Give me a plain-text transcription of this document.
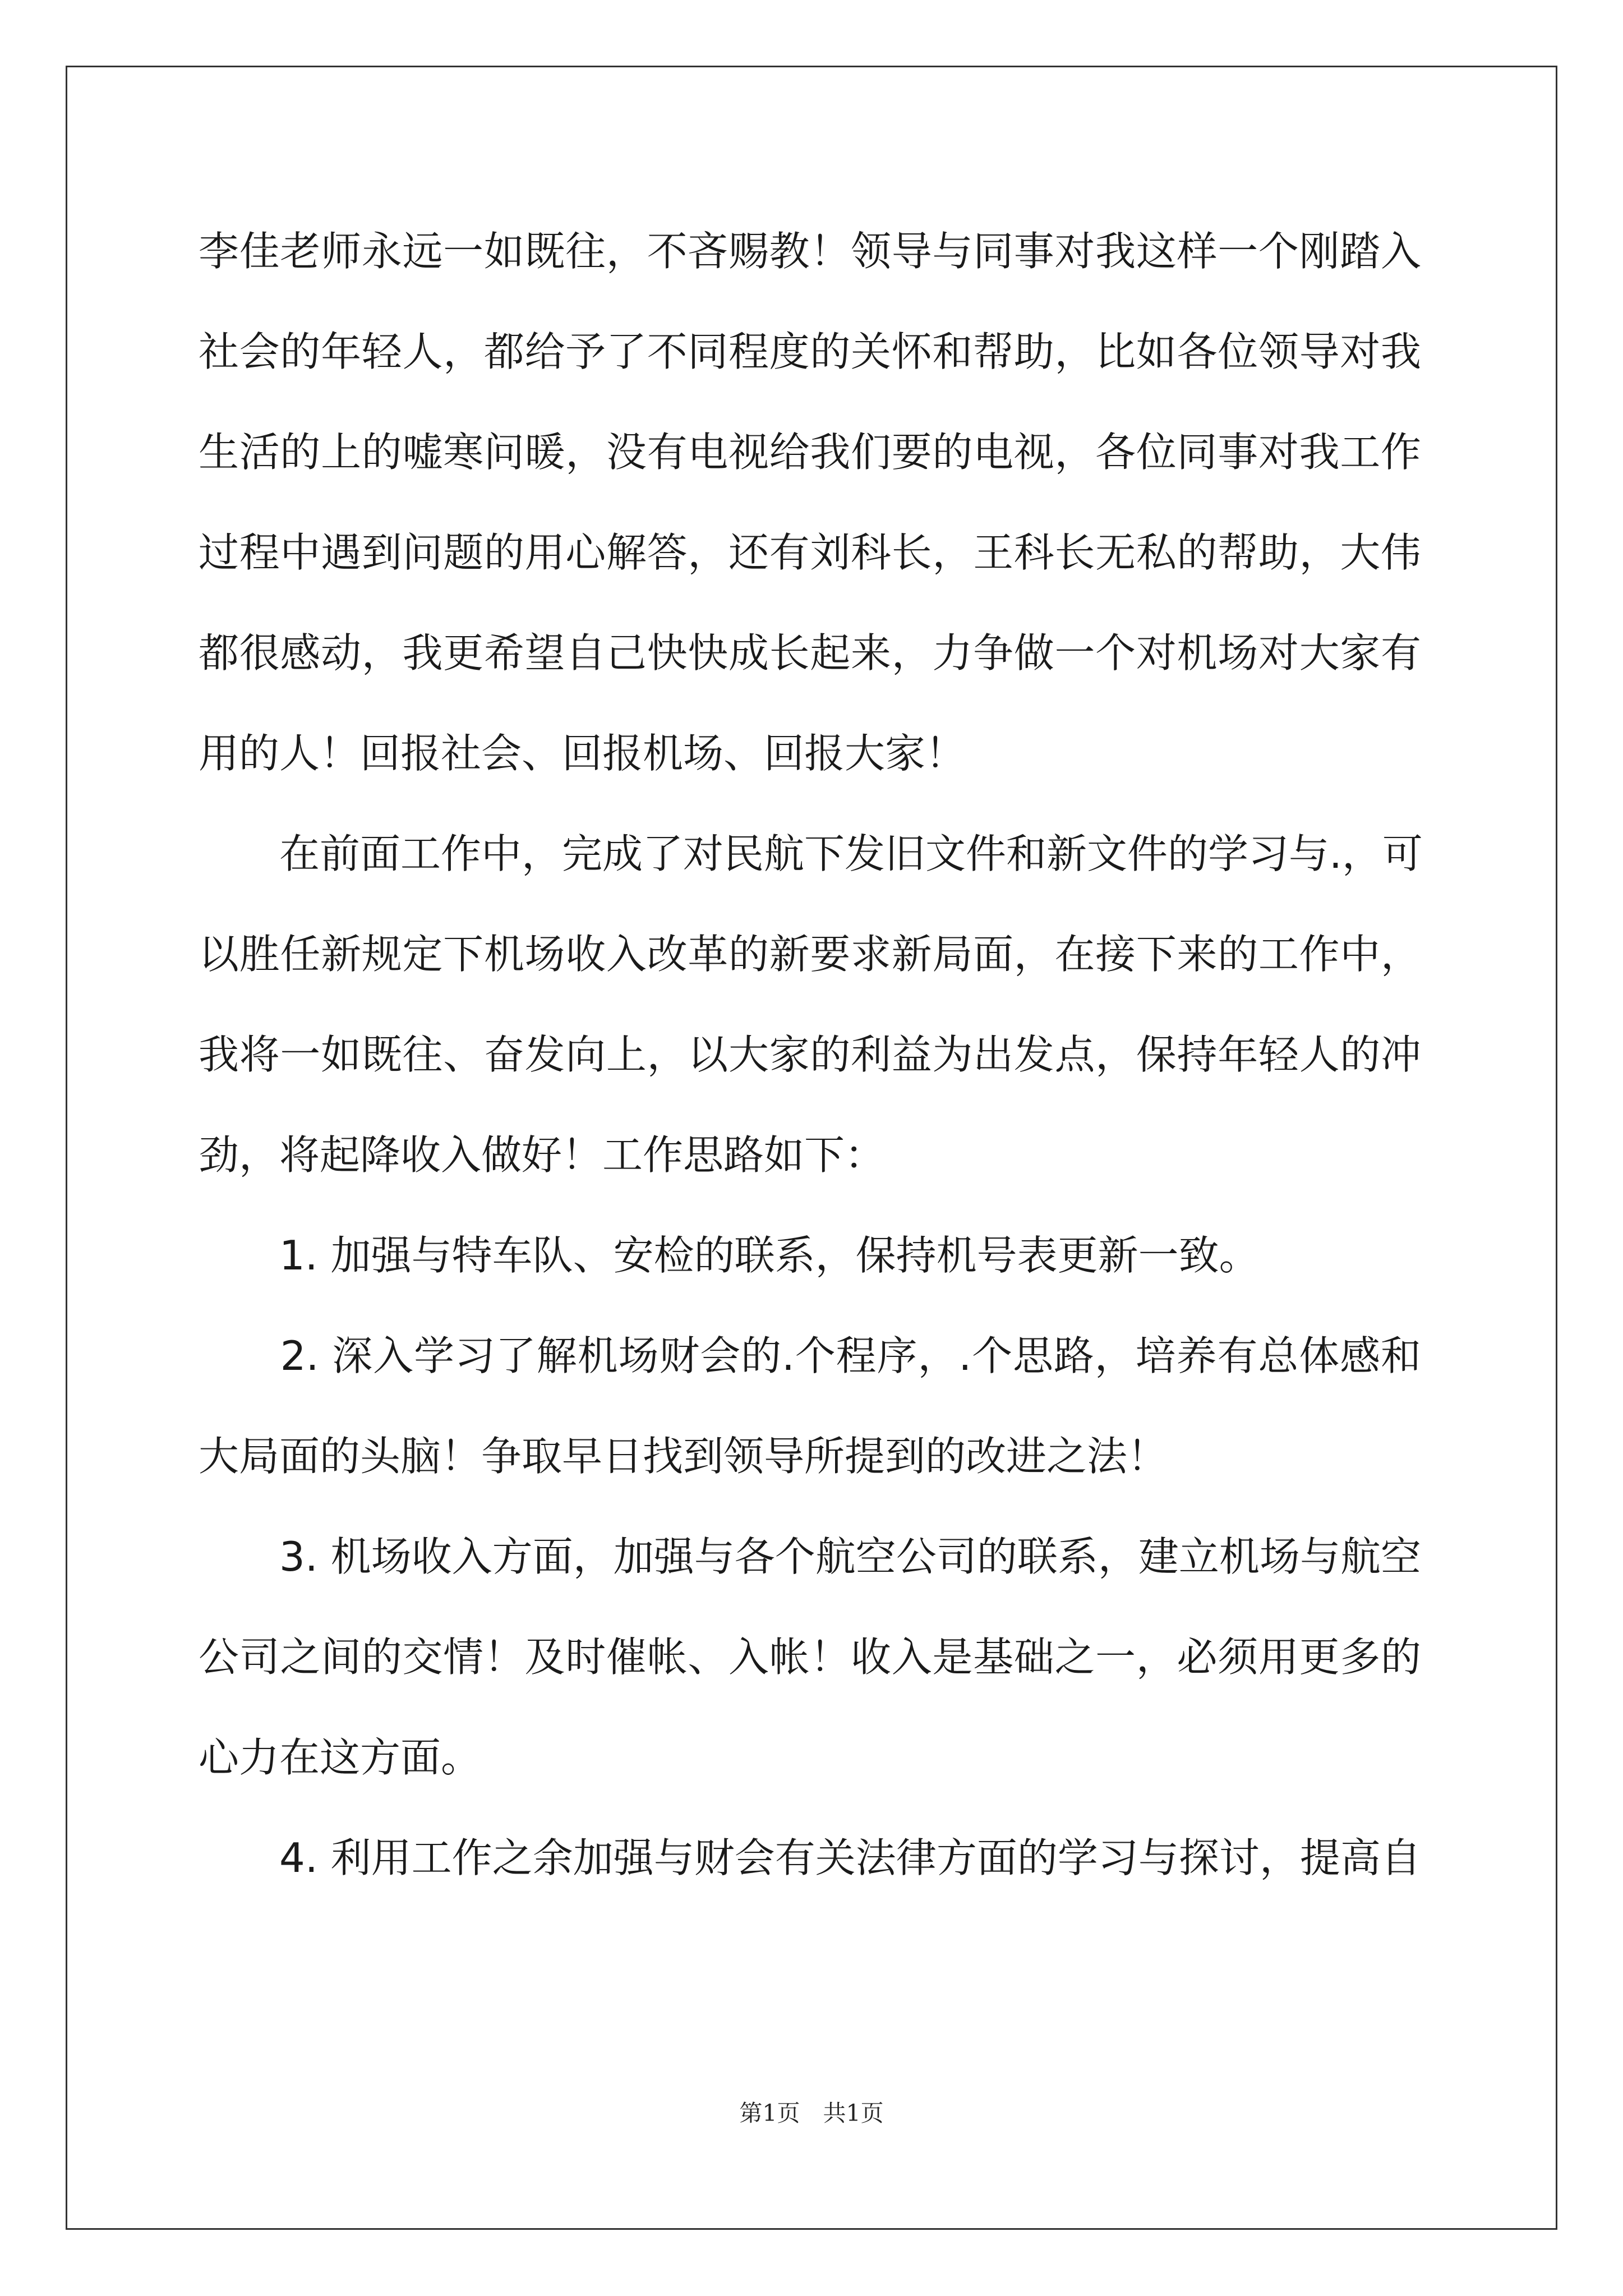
李佳老师永远一如既往，不吝赐教！领导与同事对我这样一个刚踏入
社会的年轻人，都给予了不同程度的关怀和帮助，比如各位领导对我
生活的上的嘘寒问暖，没有电视给我们要的电视，各位同事对我工作
过程中遇到问题的用心解答，还有刘科长，王科长无私的帮助，大伟
都很感动，我更希望自己快快成长起来，力争做一个对机场对大家有
用的人！回报社会、回报机场、回报大家！
　　在前面工作中，完成了对民航下发旧文件和新文件的学习与.，可
以胜任新规定下机场收入改革的新要求新局面，在接下来的工作中，
我将一如既往、奋发向上，以大家的利益为出发点，保持年轻人的冲
劲，将起降收入做好！工作思路如下：
　　1. 加强与特车队、安检的联系，保持机号表更新一致。
　　2. 深入学习了解机场财会的.个程序，.个思路，培养有总体感和
大局面的头脑！争取早日找到领导所提到的改进之法！
　　3. 机场收入方面，加强与各个航空公司的联系，建立机场与航空
公司之间的交情！及时催帐、入帐！收入是基础之一，必须用更多的
心力在这方面。
　　4. 利用工作之余加强与财会有关法律方面的学习与探讨，提高自
第1页　共1页
